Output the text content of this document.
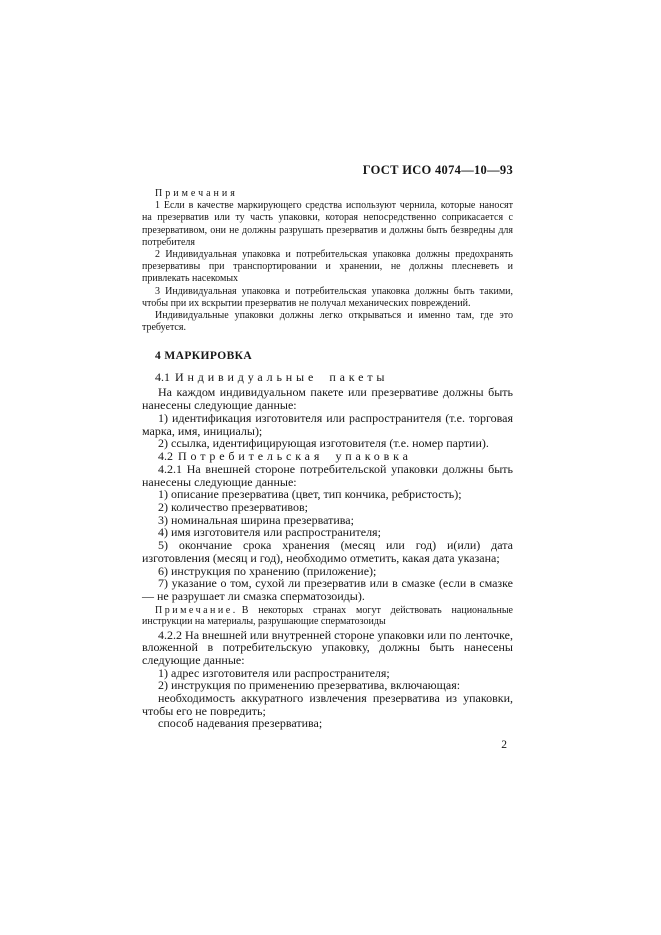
ГОСТ ИСО 4074—10—93

Примечания

1 Если в качестве маркирующего средства используют чернила, которые наносят на презерватив или ту часть упаковки, которая непосредственно соприкасается с презервативом, они не должны разрушать презерватив и должны быть безвредны для потребителя

2 Индивидуальная упаковка и потребительская упаковка должны предохранять презервативы при транспортировании и хранении, не должны плесневеть и привлекать насекомых

3 Индивидуальная упаковка и потребительская упаковка должны быть такими, чтобы при их вскрытии презерватив не получал механических повреждений.

Индивидуальные упаковки должны легко открываться и именно там, где это требуется.

4 МАРКИРОВКА

4.1 Индивидуальные пакеты

На каждом индивидуальном пакете или презервативе должны быть нанесены следующие данные:

1) идентификация изготовителя или распространителя (т.е. торговая марка, имя, инициалы);

2) ссылка, идентифицирующая изготовителя (т.е. номер партии).

4.2 Потребительская упаковка

4.2.1 На внешней стороне потребительской упаковки должны быть нанесены следующие данные:

1) описание презерватива (цвет, тип кончика, ребристость);

2) количество презервативов;

3) номинальная ширина презерватива;

4) имя изготовителя или распространителя;

5) окончание срока хранения (месяц или год) и(или) дата изготовления (месяц и год), необходимо отметить, какая дата указана;

6) инструкция по хранению (приложение);

7) указание о том, сухой ли презерватив или в смазке (если в смазке — не разрушает ли смазка сперматозоиды).

Примечание. В некоторых странах могут действовать национальные инструкции на материалы, разрушающие сперматозоиды

4.2.2 На внешней или внутренней стороне упаковки или по ленточке, вложенной в потребительскую упаковку, должны быть нанесены следующие данные:

1) адрес изготовителя или распространителя;

2) инструкция по применению презерватива, включающая:

необходимость аккуратного извлечения презерватива из упаковки, чтобы его не повредить;

способ надевания презерватива;

2
